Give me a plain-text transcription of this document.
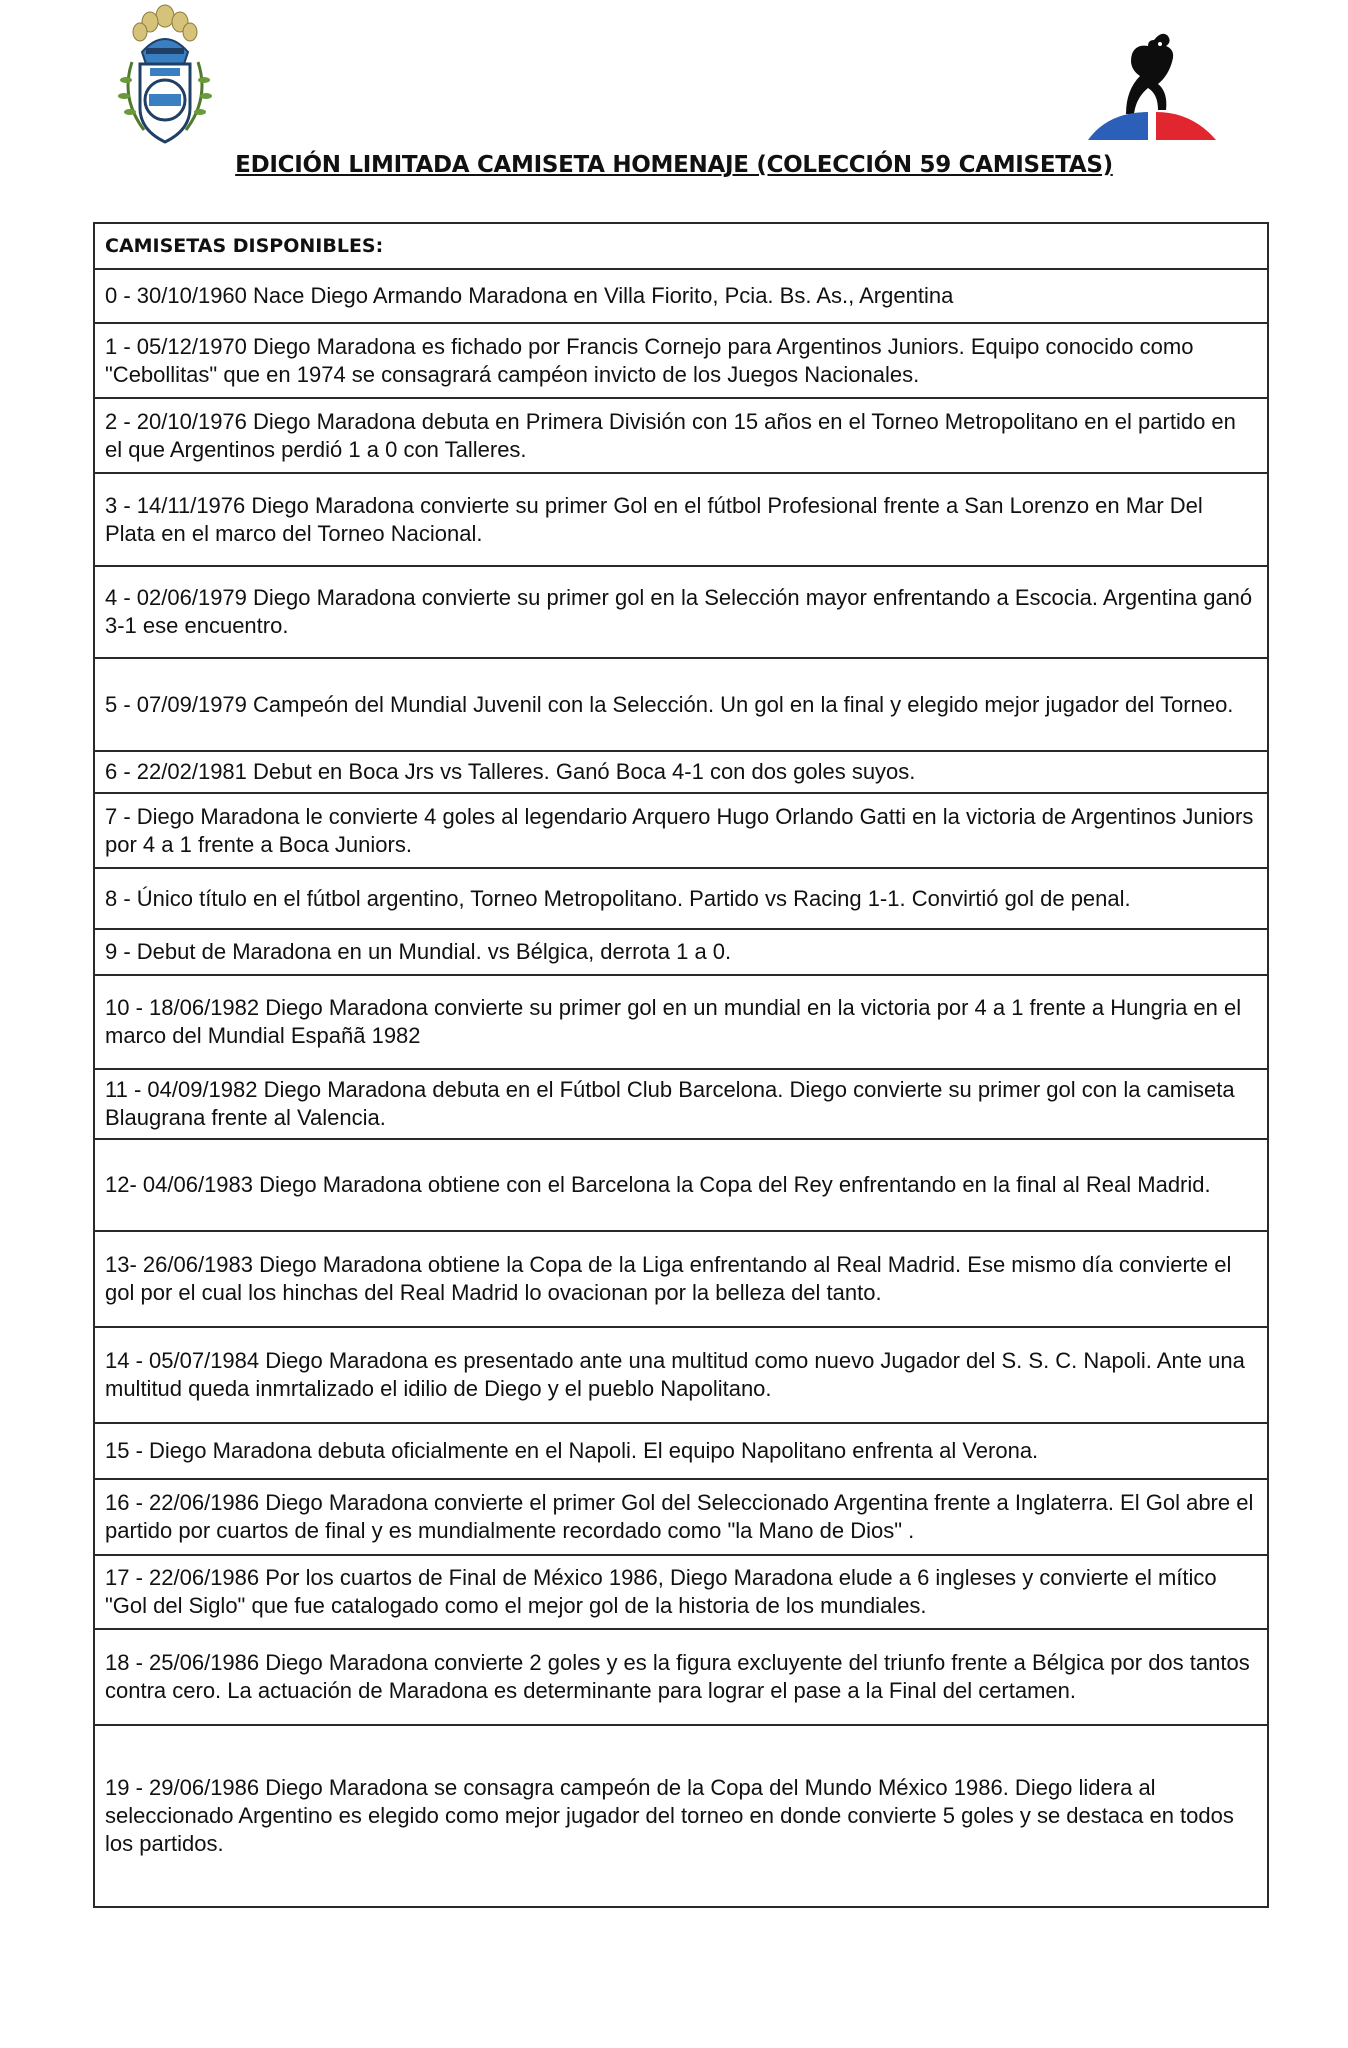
EDICIÓN LIMITADA CAMISETA HOMENAJE (COLECCIÓN 59 CAMISETAS)
CAMISETAS DISPONIBLES:
0 - 30/10/1960 Nace Diego Armando Maradona en Villa Fiorito, Pcia. Bs. As., Argentina
1 - 05/12/1970 Diego Maradona es fichado por Francis Cornejo para Argentinos Juniors. Equipo conocido como "Cebollitas" que en 1974 se consagrará campéon invicto de los Juegos Nacionales.
2 - 20/10/1976 Diego Maradona debuta en Primera División con 15 años en el Torneo Metropolitano en el partido en el que Argentinos perdió 1 a 0 con Talleres.
3 - 14/11/1976 Diego Maradona convierte su primer Gol en el fútbol Profesional frente a San Lorenzo en Mar Del Plata en el marco del Torneo Nacional.
4 - 02/06/1979 Diego Maradona convierte su primer gol en la Selección mayor enfrentando a Escocia. Argentina ganó 3-1 ese encuentro.
5 - 07/09/1979 Campeón del Mundial Juvenil con la Selección. Un gol en la final y elegido mejor jugador del Torneo.
6 - 22/02/1981 Debut en Boca Jrs vs Talleres. Ganó Boca 4-1 con dos goles suyos.
7 - Diego Maradona le convierte 4 goles al legendario Arquero Hugo Orlando Gatti en la victoria de Argentinos Juniors por 4 a 1 frente a Boca Juniors.
8 - Único título en el fútbol argentino, Torneo Metropolitano. Partido vs Racing 1-1. Convirtió gol de penal.
9 - Debut de Maradona en un Mundial. vs Bélgica, derrota 1 a 0.
10 - 18/06/1982 Diego Maradona convierte su primer gol en un mundial en la victoria por 4 a 1 frente a Hungria en el marco del Mundial Españã 1982
11 - 04/09/1982 Diego Maradona debuta en el Fútbol Club Barcelona. Diego convierte su primer gol con la camiseta Blaugrana frente al Valencia.
12- 04/06/1983 Diego Maradona obtiene con el Barcelona la Copa del Rey enfrentando en la final al Real Madrid.
13- 26/06/1983 Diego Maradona obtiene la Copa de la Liga enfrentando al Real Madrid. Ese mismo día convierte el gol por el cual los hinchas del Real Madrid lo ovacionan por la belleza del tanto.
14 - 05/07/1984 Diego Maradona es presentado ante una multitud como nuevo Jugador del S. S. C. Napoli. Ante una multitud queda inmrtalizado el idilio de Diego y el pueblo Napolitano.
15 - Diego Maradona debuta oficialmente en el Napoli. El equipo Napolitano enfrenta al Verona.
16 - 22/06/1986 Diego Maradona convierte el primer Gol del Seleccionado Argentina frente a Inglaterra. El Gol abre el partido por cuartos de final y es mundialmente recordado como "la Mano de Dios" .
17 - 22/06/1986 Por los cuartos de Final de México 1986, Diego Maradona elude a 6 ingleses y convierte el mítico "Gol del Siglo" que fue catalogado como el mejor gol de la historia de los mundiales.
18 - 25/06/1986 Diego Maradona convierte 2 goles y es la figura excluyente del triunfo frente a Bélgica por dos tantos contra cero. La actuación de Maradona es determinante para lograr el pase a la Final del certamen.
19 - 29/06/1986 Diego Maradona se consagra campeón de la Copa del Mundo México 1986. Diego lidera al seleccionado Argentino es elegido como mejor jugador del torneo en donde convierte 5 goles y se destaca en todos los partidos.
